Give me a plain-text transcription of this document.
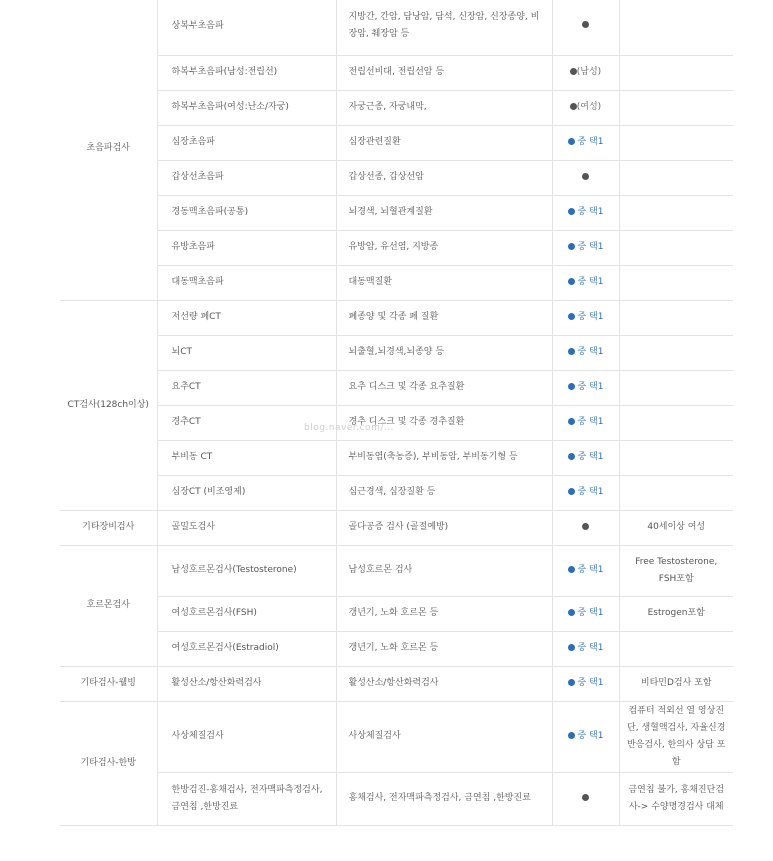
초음파검사	상복부초음파	지방간, 간암, 담낭암, 담석, 신장암, 신장종양, 비장암, 췌장암 등		
	하복부초음파(남성:전립선)	전립선비대, 전립선암 등	(남성)	
	하복부초음파(여성:난소/자궁)	자궁근종, 자궁내막,	(여성)	
	심장초음파	심장관련질환	중 택1	
	갑상선초음파	갑상선종, 갑상선암		
	경동맥초음파(공통)	뇌경색, 뇌혈관계질환	중 택1	
	유방초음파	유방암, 유선염, 지방종	중 택1	
	대동맥초음파	대동맥질환	중 택1	
CT검사(128ch이상)	저선량 폐CT	폐종양 및 각종 폐 질환	중 택1	
	뇌CT	뇌출혈,뇌경색,뇌종양 등	중 택1	
	요추CT	요추 디스크 및 각종 요추질환	중 택1	
	경추CT	경추 디스크 및 각종 경추질환	중 택1	
	부비동 CT	부비동염(축농증), 부비동암, 부비동기형 등	중 택1	
	심장CT (비조영제)	심근경색, 심장질환 등	중 택1	
기타장비검사	골밀도검사	골다공증 검사 (골절예방)		40세이상 여성
호르몬검사	남성호르몬검사(Testosterone)	남성호르몬 검사	중 택1	Free Testosterone, FSH포함
	여성호르몬검사(FSH)	갱년기, 노화 호르몬 등	중 택1	Estrogen포함
	여성호르몬검사(Estradiol)	갱년기, 노화 호르몬 등	중 택1	
기타검사-웰빙	활성산소/항산화력검사	활성산소/항산화력검사	중 택1	비타민D검사 포함
기타검사-한방	사상체질검사	사상체질검사	중 택1	컴퓨터 적외선 열 영상진단, 생혈액검사, 자율신경반응검사, 한의사 상담 포함
	한방검진-홍채검사, 전자맥파측정검사, 금연침 ,한방진료	홍채검사, 전자맥파측정검사, 금연침 ,한방진료		금연침 불가, 홍채진단검사-> 수양명경검사 대체
blog.naver.com/...
